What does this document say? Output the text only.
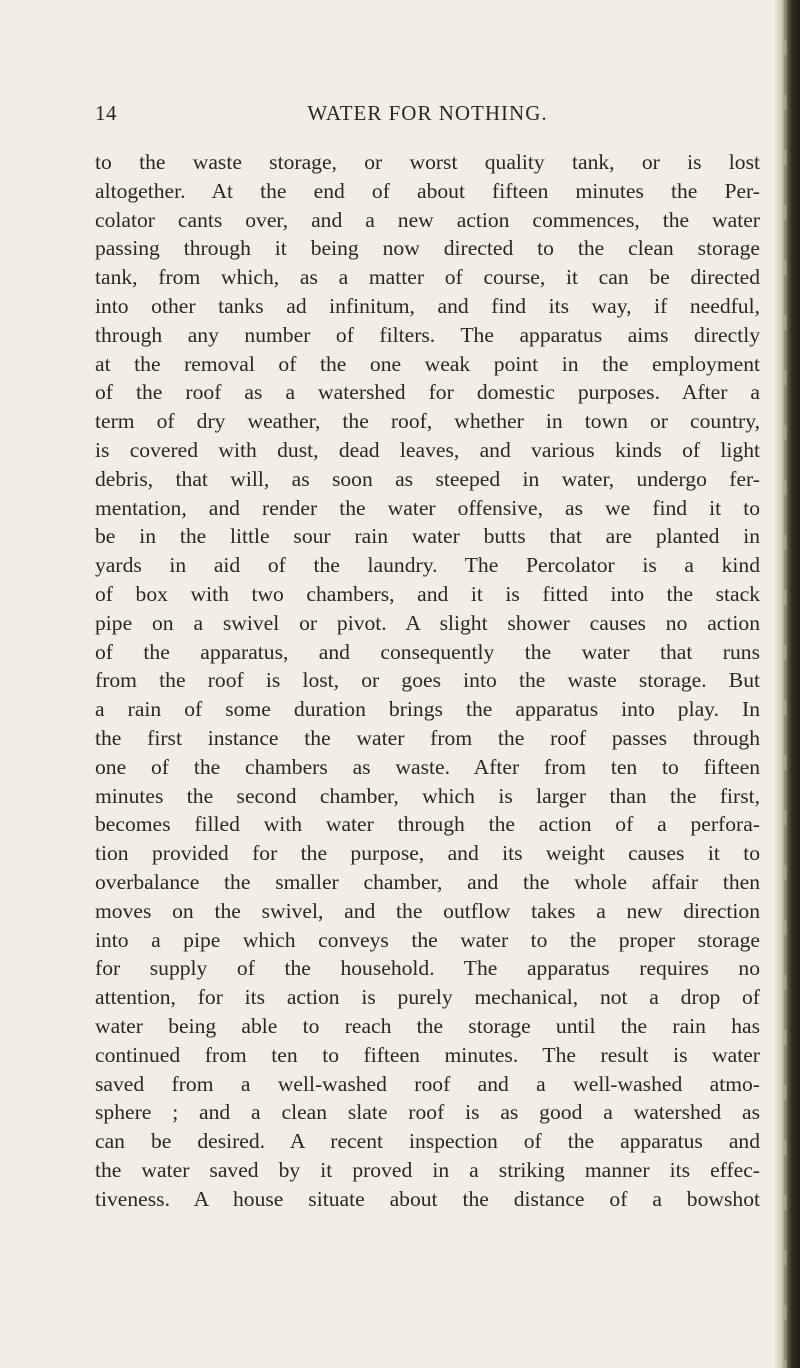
14	WATER FOR NOTHING.
to the waste storage, or worst quality tank, or is lost
altogether. At the end of about fifteen minutes the Per-
colator cants over, and a new action commences, the water
passing through it being now directed to the clean storage
tank, from which, as a matter of course, it can be directed
into other tanks ad infinitum, and find its way, if needful,
through any number of filters. The apparatus aims directly
at the removal of the one weak point in the employment
of the roof as a watershed for domestic purposes. After a
term of dry weather, the roof, whether in town or country,
is covered with dust, dead leaves, and various kinds of light
debris, that will, as soon as steeped in water, undergo fer-
mentation, and render the water offensive, as we find it to
be in the little sour rain water butts that are planted in
yards in aid of the laundry. The Percolator is a kind
of box with two chambers, and it is fitted into the stack
pipe on a swivel or pivot. A slight shower causes no action
of the apparatus, and consequently the water that runs
from the roof is lost, or goes into the waste storage. But
a rain of some duration brings the apparatus into play. In
the first instance the water from the roof passes through
one of the chambers as waste. After from ten to fifteen
minutes the second chamber, which is larger than the first,
becomes filled with water through the action of a perfora-
tion provided for the purpose, and its weight causes it to
overbalance the smaller chamber, and the whole affair then
moves on the swivel, and the outflow takes a new direction
into a pipe which conveys the water to the proper storage
for supply of the household. The apparatus requires no
attention, for its action is purely mechanical, not a drop of
water being able to reach the storage until the rain has
continued from ten to fifteen minutes. The result is water
saved from a well-washed roof and a well-washed atmo-
sphere ; and a clean slate roof is as good a watershed as
can be desired. A recent inspection of the apparatus and
the water saved by it proved in a striking manner its effec-
tiveness. A house situate about the distance of a bowshot
